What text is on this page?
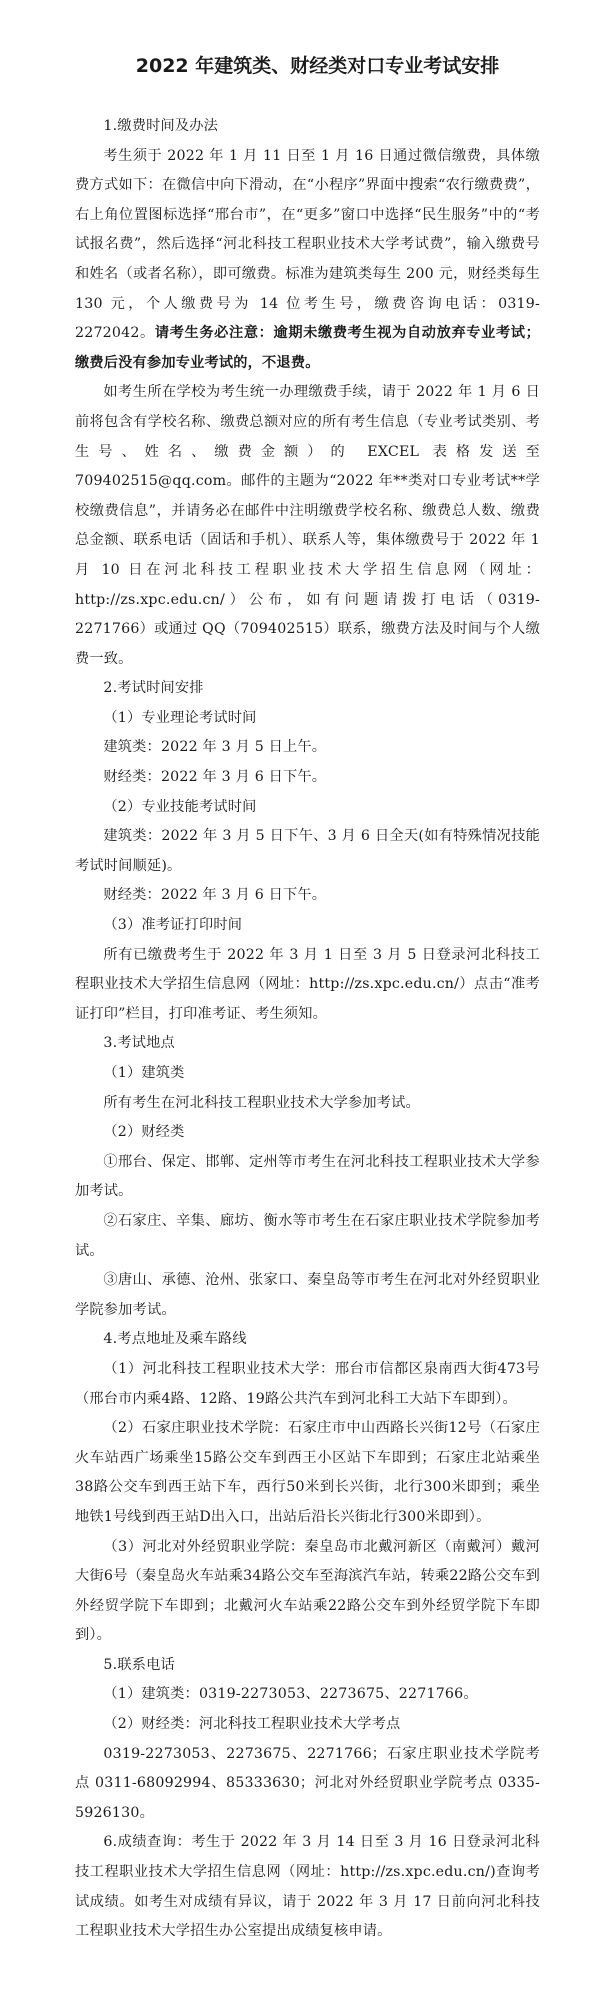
2022 年建筑类、财经类对口专业考试安排

1.缴费时间及办法

考生须于 2022 年 1 月 11 日至 1 月 16 日通过微信缴费，具体缴费方式如下：在微信中向下滑动，在“小程序”界面中搜索“农行缴费费”，右上角位置图标选择“邢台市”，在“更多”窗口中选择“民生服务”中的“考试报名费”，然后选择“河北科技工程职业技术大学考试费”，输入缴费号和姓名（或者名称），即可缴费。标准为建筑类每生 200 元，财经类每生 130 元，个人缴费号为 14 位考生号，缴费咨询电话：0319-2272042。请考生务必注意：逾期未缴费考生视为自动放弃专业考试；缴费后没有参加专业考试的，不退费。

如考生所在学校为考生统一办理缴费手续，请于 2022 年 1 月 6 日前将包含有学校名称、缴费总额对应的所有考生信息（专业考试类别、考生号、姓名、缴费金额）的 EXCEL 表格发送至 709402515@qq.com。邮件的主题为“2022 年**类对口专业考试**学校缴费信息”，并请务必在邮件中注明缴费学校名称、缴费总人数、缴费总金额、联系电话（固话和手机）、联系人等，集体缴费号于 2022 年 1 月 10 日在河北科技工程职业技术大学招生信息网（网址：http://zs.xpc.edu.cn/）公布，如有问题请拨打电话（0319-2271766）或通过 QQ（709402515）联系，缴费方法及时间与个人缴费一致。

2.考试时间安排

（1）专业理论考试时间

建筑类：2022 年 3 月 5 日上午。

财经类：2022 年 3 月 6 日下午。

（2）专业技能考试时间

建筑类：2022 年 3 月 5 日下午、3 月 6 日全天(如有特殊情况技能考试时间顺延)。

财经类：2022 年 3 月 6 日下午。

（3）准考证打印时间

所有已缴费考生于 2022 年 3 月 1 日至 3 月 5 日登录河北科技工程职业技术大学招生信息网（网址：http://zs.xpc.edu.cn/）点击“准考证打印”栏目，打印准考证、考生须知。

3.考试地点

（1）建筑类

所有考生在河北科技工程职业技术大学参加考试。

（2）财经类

①邢台、保定、邯郸、定州等市考生在河北科技工程职业技术大学参加考试。

②石家庄、辛集、廊坊、衡水等市考生在石家庄职业技术学院参加考试。

③唐山、承德、沧州、张家口、秦皇岛等市考生在河北对外经贸职业学院参加考试。

4.考点地址及乘车路线

（1）河北科技工程职业技术大学：邢台市信都区泉南西大街473号（邢台市内乘4路、12路、19路公共汽车到河北科工大站下车即到）。

（2）石家庄职业技术学院：石家庄市中山西路长兴街12号（石家庄火车站西广场乘坐15路公交车到西王小区站下车即到；石家庄北站乘坐38路公交车到西王站下车，西行50米到长兴街，北行300米即到；乘坐地铁1号线到西王站D出入口，出站后沿长兴街北行300米即到）。

（3）河北对外经贸职业学院：秦皇岛市北戴河新区（南戴河）戴河大街6号（秦皇岛火车站乘34路公交车至海滨汽车站，转乘22路公交车到外经贸学院下车即到；北戴河火车站乘22路公交车到外经贸学院下车即到）。

5.联系电话

（1）建筑类：0319-2273053、2273675、2271766。

（2）财经类：河北科技工程职业技术大学考点

0319-2273053、2273675、2271766；石家庄职业技术学院考点 0311-68092994、85333630；河北对外经贸职业学院考点 0335-5926130。

6.成绩查询：考生于 2022 年 3 月 14 日至 3 月 16 日登录河北科技工程职业技术大学招生信息网（网址：http://zs.xpc.edu.cn/)查询考试成绩。如考生对成绩有异议，请于 2022 年 3 月 17 日前向河北科技工程职业技术大学招生办公室提出成绩复核申请。
